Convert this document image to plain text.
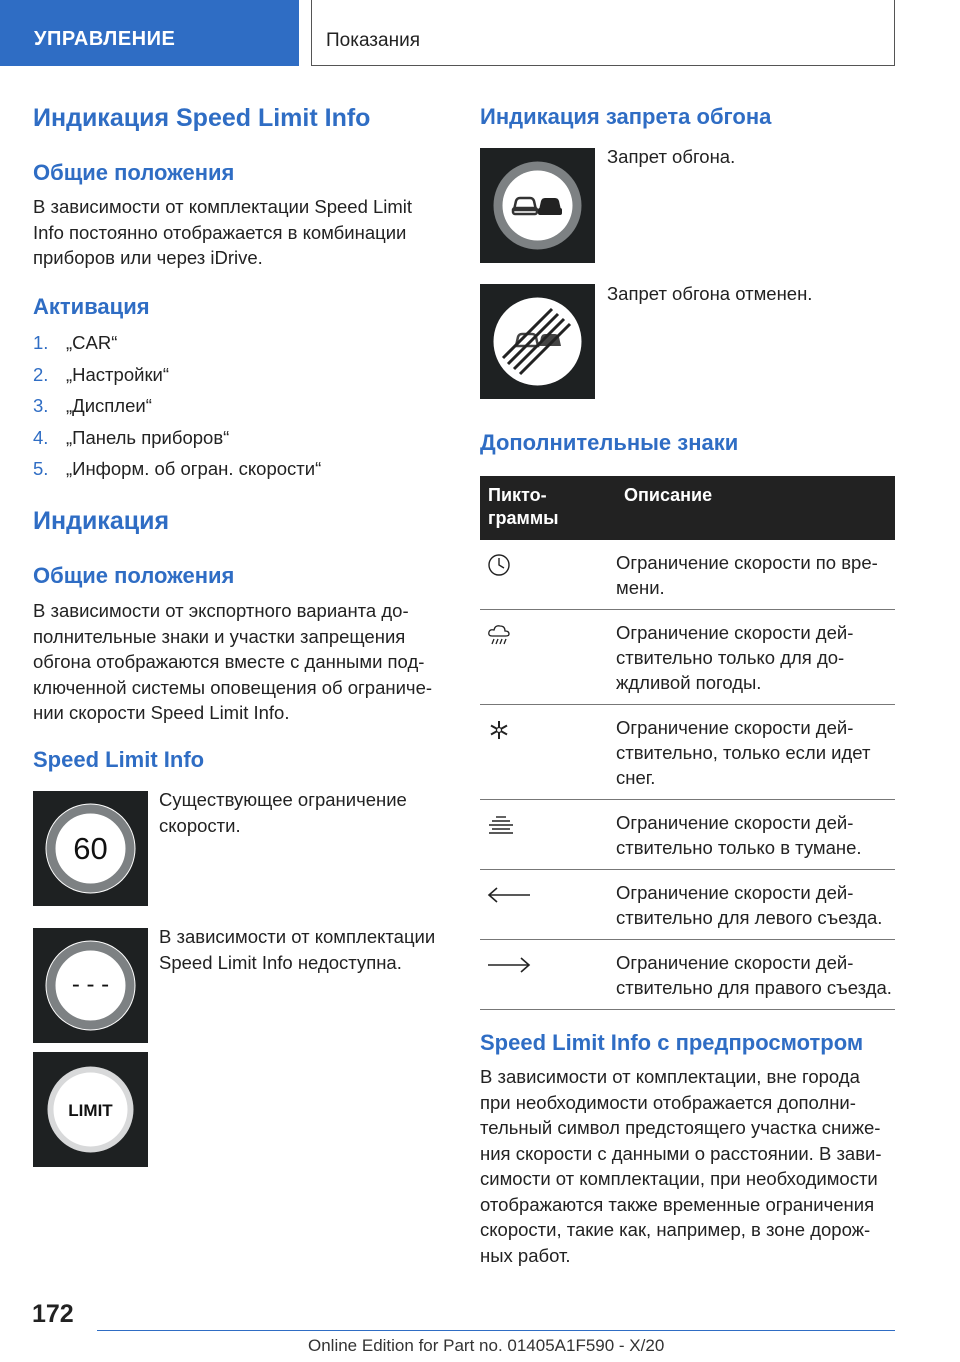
УПРАВЛЕНИЕ	Показания
Индикация Speed Limit Info
Общие положения

В зависимости от комплектации Speed Limit Info постоянно отображается в комбинации приборов или через iDrive.

Активация
1. „CAR“
2. „Настройки“
3. „Дисплеи“
4. „Панель приборов“
5. „Информ. об огран. скорости“
Индикация
Общие положения

В зависимости от экспортного варианта до-полнительные знаки и участки запрещения обгона отображаются вместе с данными под-ключенной системы оповещения об ограниче-нии скорости Speed Limit Info.

Speed Limit Info
60

Существующее ограничение скорости.

- - -

В зависимости от комплектации Speed Limit Info недоступна.

LIMIT
Индикация запрета обгона

Запрет обгона.

Запрет обгона отменен.

Дополнительные знаки
Пикто-граммы	Описание
	Ограничение скорости по вре-мени.
	Ограничение скорости дей-ствительно только для до-ждливой погоды.
	Ограничение скорости дей-ствительно, только если идет снег.
	Ограничение скорости дей-ствительно только в тумане.
	Ограничение скорости дей-ствительно для левого съезда.
	Ограничение скорости дей-ствительно для правого съезда.
Speed Limit Info с предпросмотром

В зависимости от комплектации, вне города при необходимости отображается дополни-тельный символ предстоящего участка сниже-ния скорости с данными о расстоянии. В зави-симости от комплектации, при необходимости отображаются также временные ограничения скорости, такие как, например, в зоне дорож-ных работ.

172
Online Edition for Part no. 01405A1F590 - X/20
